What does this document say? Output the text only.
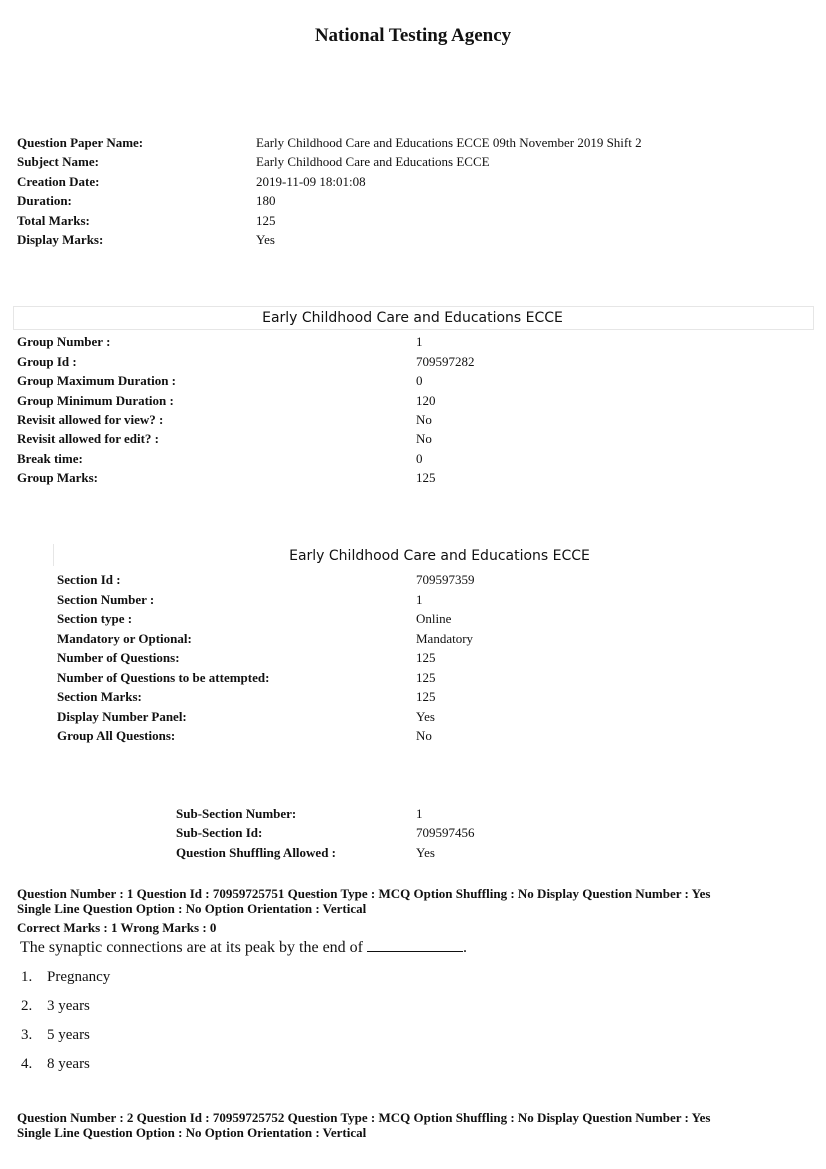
National Testing Agency
Question Paper Name:	Early Childhood Care and Educations ECCE 09th November 2019 Shift 2
Subject Name:	Early Childhood Care and Educations ECCE
Creation Date:	2019-11-09 18:01:08
Duration:	180
Total Marks:	125
Display Marks:	Yes
Early Childhood Care and Educations ECCE
Group Number :	1
Group Id :	709597282
Group Maximum Duration :	0
Group Minimum Duration :	120
Revisit allowed for view? :	No
Revisit allowed for edit? :	No
Break time:	0
Group Marks:	125
Early Childhood Care and Educations ECCE
Section Id :	709597359
Section Number :	1
Section type :	Online
Mandatory or Optional:	Mandatory
Number of Questions:	125
Number of Questions to be attempted:	125
Section Marks:	125
Display Number Panel:	Yes
Group All Questions:	No
Sub-Section Number:	1
Sub-Section Id:	709597456
Question Shuffling Allowed :	Yes
Question Number : 1 Question Id : 70959725751 Question Type : MCQ Option Shuffling : No Display Question Number : Yes
Single Line Question Option : No Option Orientation : Vertical
Correct Marks : 1 Wrong Marks : 0
The synaptic connections are at its peak by the end of	.
1. Pregnancy
2. 3 years
3. 5 years
4. 8 years
Question Number : 2 Question Id : 70959725752 Question Type : MCQ Option Shuffling : No Display Question Number : Yes
Single Line Question Option : No Option Orientation : Vertical
